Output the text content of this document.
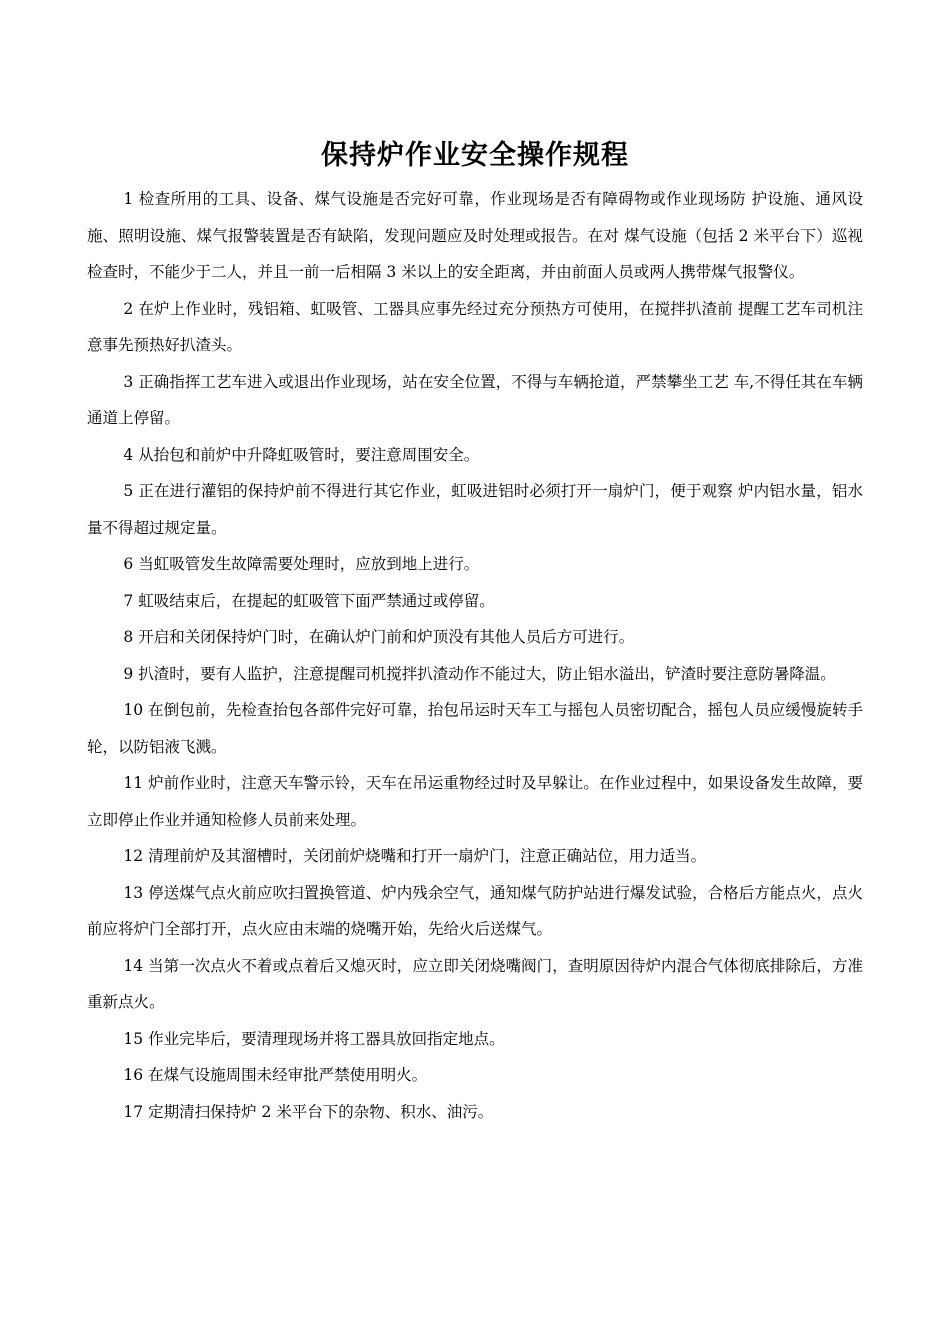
保持炉作业安全操作规程

1 检查所用的工具、设备、煤气设施是否完好可靠，作业现场是否有障碍物或作业现场防 护设施、通风设施、照明设施、煤气报警装置是否有缺陷，发现问题应及时处理或报告。在对 煤气设施（包括 2 米平台下）巡视检查时，不能少于二人，并且一前一后相隔 3 米以上的安全距离，并由前面人员或两人携带煤气报警仪。

2 在炉上作业时，残铝箱、虹吸管、工器具应事先经过充分预热方可使用，在搅拌扒渣前 提醒工艺车司机注意事先预热好扒渣头。

3 正确指挥工艺车进入或退出作业现场，站在安全位置，不得与车辆抢道，严禁攀坐工艺 车,不得任其在车辆通道上停留。

4 从抬包和前炉中升降虹吸管时，要注意周围安全。

5 正在进行灌铝的保持炉前不得进行其它作业，虹吸进铝时必须打开一扇炉门，便于观察 炉内铝水量，铝水量不得超过规定量。

6 当虹吸管发生故障需要处理时，应放到地上进行。

7 虹吸结束后，在提起的虹吸管下面严禁通过或停留。

8 开启和关闭保持炉门时，在确认炉门前和炉顶没有其他人员后方可进行。

9 扒渣时，要有人监护，注意提醒司机搅拌扒渣动作不能过大，防止铝水溢出，铲渣时要注意防暑降温。

10 在倒包前，先检查抬包各部件完好可靠，抬包吊运时天车工与摇包人员密切配合，摇包人员应缓慢旋转手轮，以防铝液飞溅。

11 炉前作业时，注意天车警示铃，天车在吊运重物经过时及早躲让。在作业过程中，如果设备发生故障，要立即停止作业并通知检修人员前来处理。

12 清理前炉及其溜槽时，关闭前炉烧嘴和打开一扇炉门，注意正确站位，用力适当。

13 停送煤气点火前应吹扫置换管道、炉内残余空气，通知煤气防护站进行爆发试验，合格后方能点火，点火前应将炉门全部打开，点火应由末端的烧嘴开始，先给火后送煤气。

14 当第一次点火不着或点着后又熄灭时，应立即关闭烧嘴阀门，查明原因待炉内混合气体彻底排除后，方准重新点火。

15 作业完毕后，要清理现场并将工器具放回指定地点。

16 在煤气设施周围未经审批严禁使用明火。

17 定期清扫保持炉 2 米平台下的杂物、积水、油污。
